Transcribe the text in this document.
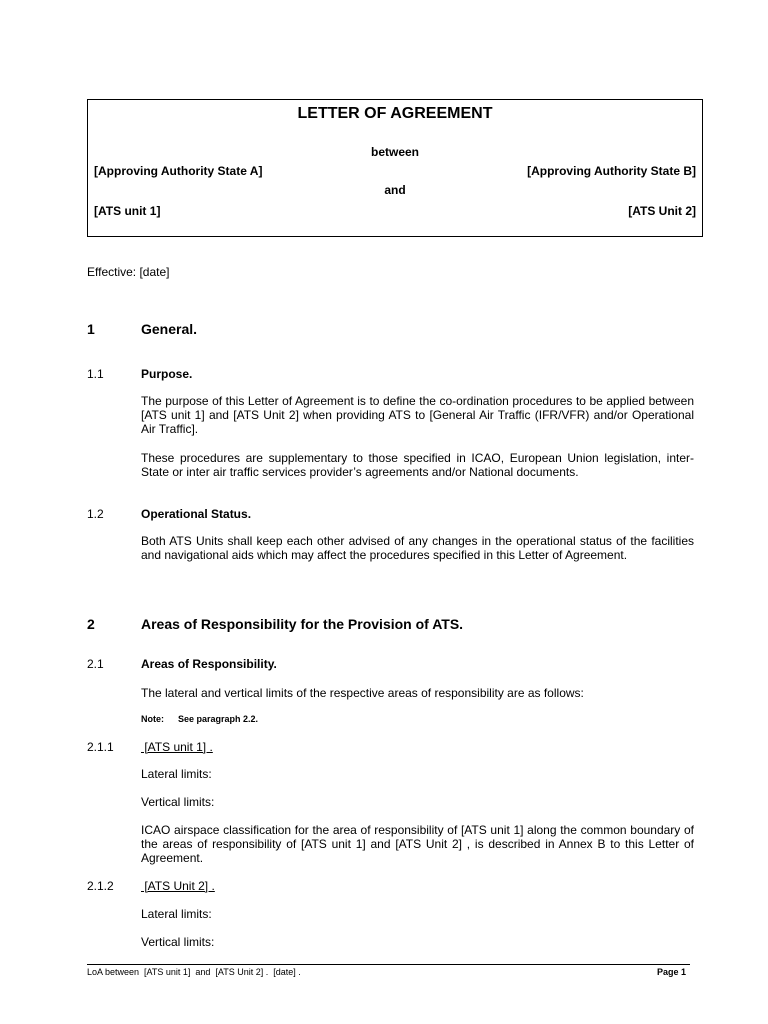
LETTER OF AGREEMENT
between
[Approving Authority State A]	[Approving Authority State B]
and
[ATS unit 1]	[ATS Unit 2]
Effective: [date]
1	General.
1.1	Purpose.
The purpose of this Letter of Agreement is to define the co-ordination procedures to be applied between [ATS unit 1] and [ATS Unit 2] when providing ATS to [General Air Traffic (IFR/VFR) and/or Operational Air Traffic].
These procedures are supplementary to those specified in ICAO, European Union legislation, inter-State or inter air traffic services provider’s agreements and/or National documents.
1.2	Operational Status.
Both ATS Units shall keep each other advised of any changes in the operational status of the facilities and navigational aids which may affect the procedures specified in this Letter of Agreement.
2	Areas of Responsibility for the Provision of ATS.
2.1	Areas of Responsibility.
The lateral and vertical limits of the respective areas of responsibility are as follows:
Note: See paragraph 2.2.
2.1.1 [ATS unit 1] .
Lateral limits:
Vertical limits:
ICAO airspace classification for the area of responsibility of [ATS unit 1] along the common boundary of the areas of responsibility of [ATS unit 1] and [ATS Unit 2] , is described in Annex B to this Letter of Agreement.
2.1.2 [ATS Unit 2] .
Lateral limits:
Vertical limits:
LoA between  [ATS unit 1]  and  [ATS Unit 2] .  [date] .	Page 1
